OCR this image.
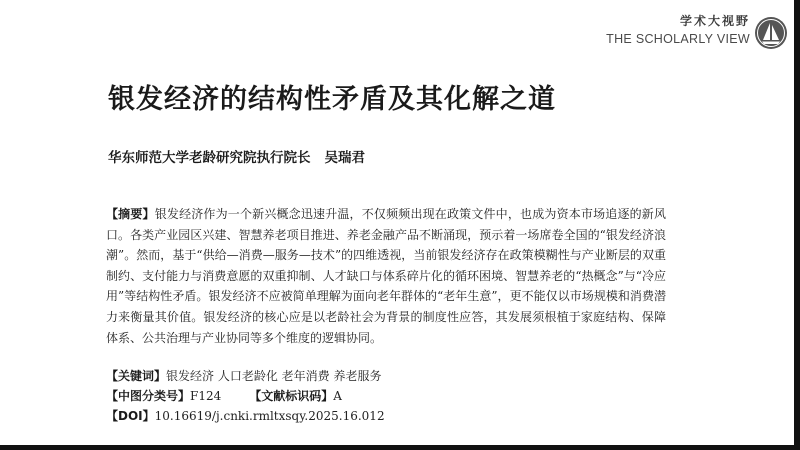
学术大视野
THE SCHOLARLY VIEW
银发经济的结构性矛盾及其化解之道
华东师范大学老龄研究院执行院长 吴瑞君
【摘要】银发经济作为一个新兴概念迅速升温，不仅频频出现在政策文件中，也成为资本市场追逐的新风口。各类产业园区兴建、智慧养老项目推进、养老金融产品不断涌现，预示着一场席卷全国的“银发经济浪潮”。然而，基于“供给—消费—服务—技术”的四维透视，当前银发经济存在政策模糊性与产业断层的双重制约、支付能力与消费意愿的双重抑制、人才缺口与体系碎片化的循环困境、智慧养老的“热概念”与“冷应用”等结构性矛盾。银发经济不应被简单理解为面向老年群体的“老年生意”，更不能仅以市场规模和消费潜力来衡量其价值。银发经济的核心应是以老龄社会为背景的制度性应答，其发展须根植于家庭结构、保障体系、公共治理与产业协同等多个维度的逻辑协同。
【关键词】银发经济 人口老龄化 老年消费 养老服务
【中图分类号】F124 【文献标识码】A
【DOI】10.16619/j.cnki.rmltxsqy.2025.16.012
